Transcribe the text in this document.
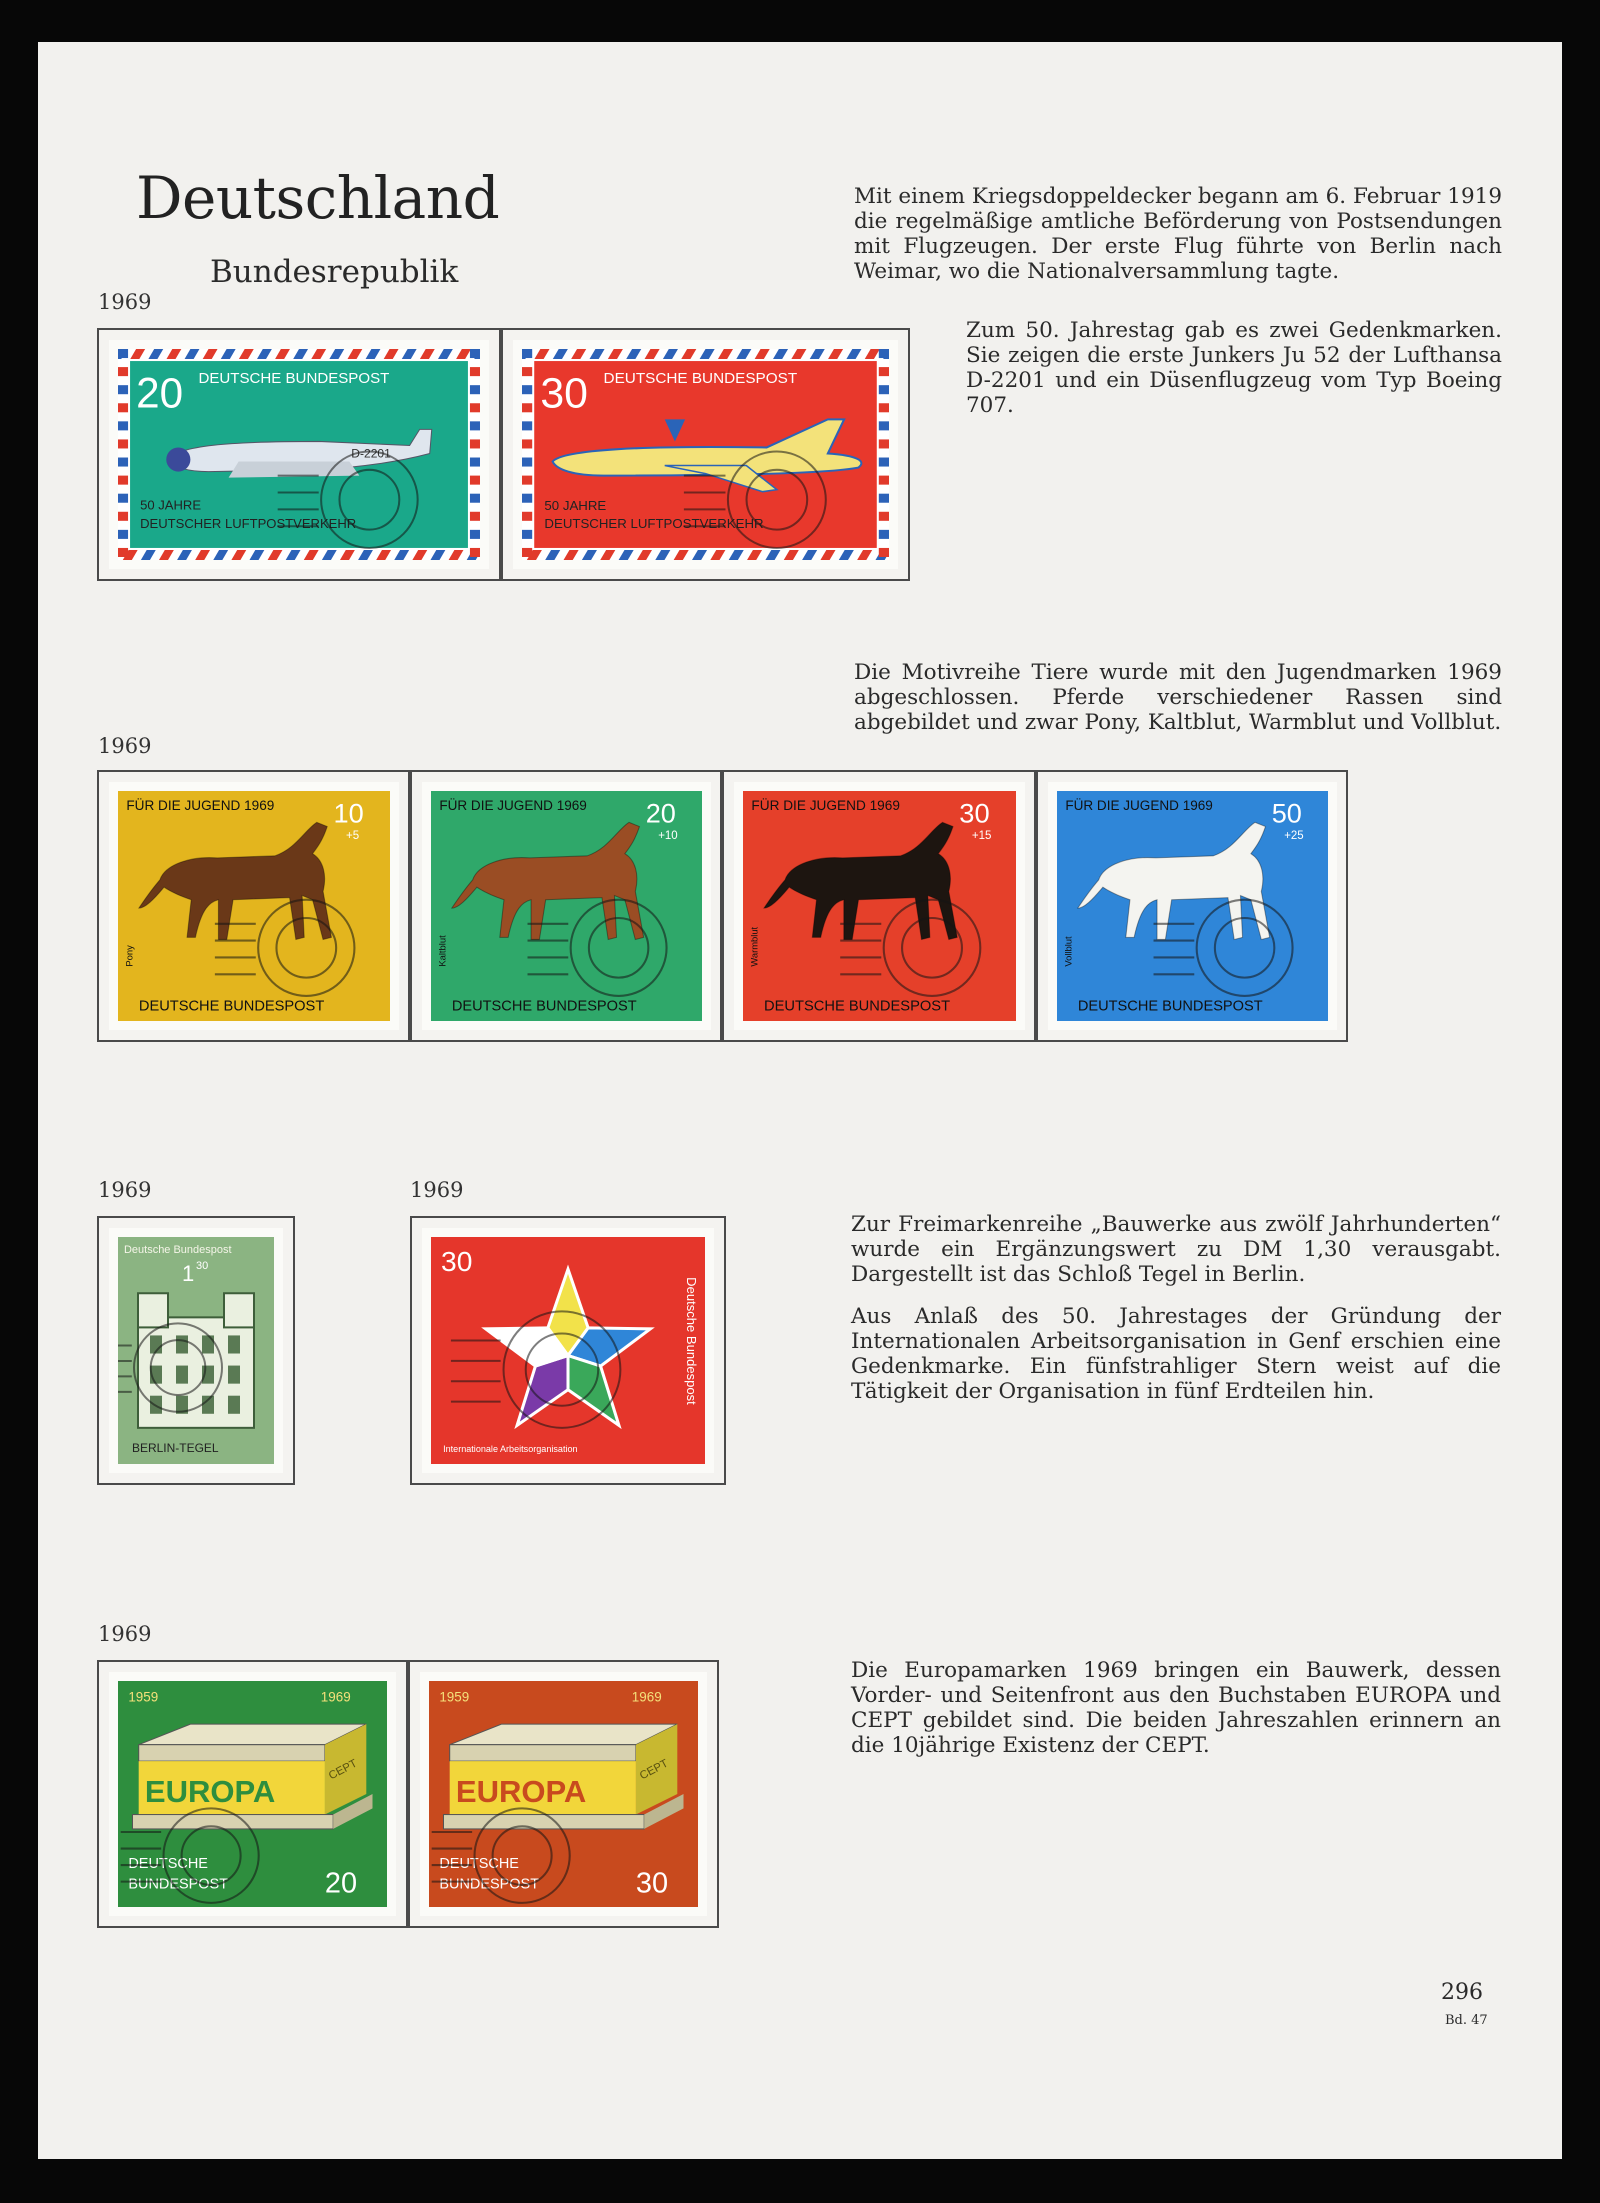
Deutschland
Bundesrepublik
1969

Mit einem Kriegsdoppeldecker begann am 6. Februar 1919 die regelmäßige amtliche Beförderung von Postsendungen mit Flugzeugen. Der erste Flug führte von Berlin nach Weimar, wo die Nationalversammlung tagte.

Zum 50. Jahrestag gab es zwei Gedenkmarken. Sie zeigen die erste Junkers Ju 52 der Lufthansa D-2201 und ein Düsenflugzeug vom Typ Boeing 707.

20 DEUTSCHE BUNDESPOST
D-2201
50 JAHRE
DEUTSCHER LUFTPOSTVERKEHR
30 DEUTSCHE BUNDESPOST
50 JAHRE
DEUTSCHER LUFTPOSTVERKEHR
1969

Die Motivreihe Tiere wurde mit den Jugendmarken 1969 abgeschlossen. Pferde verschiedener Rassen sind abgebildet und zwar Pony, Kaltblut, Warmblut und Vollblut.

FÜR DIE JUGEND 1969 10
+5
Pony
DEUTSCHE BUNDESPOST
FÜR DIE JUGEND 1969 20
+10
Kaltblut
DEUTSCHE BUNDESPOST
FÜR DIE JUGEND 1969 30
+15
Warmblut
DEUTSCHE BUNDESPOST
FÜR DIE JUGEND 1969 50
+25
Vollblut
DEUTSCHE BUNDESPOST
1969	1969

Zur Freimarkenreihe „Bauwerke aus zwölf Jahrhunderten“ wurde ein Ergänzungswert zu DM 1,30 verausgabt. Dargestellt ist das Schloß Tegel in Berlin.

Aus Anlaß des 50. Jahrestages der Gründung der Internationalen Arbeitsorganisation in Genf erschien eine Gedenkmarke. Ein fünfstrahliger Stern weist auf die Tätigkeit der Organisation in fünf Erdteilen hin.

Deutsche Bundespost
1 30
BERLIN-TEGEL
30
Deutsche Bundespost
Internationale Arbeitsorganisation
1969

Die Europamarken 1969 bringen ein Bauwerk, dessen Vorder- und Seitenfront aus den Buchstaben EUROPA und CEPT gebildet sind. Die beiden Jahreszahlen erinnern an die 10jährige Existenz der CEPT.

1959	1969
EUROPA
CEPT
DEUTSCHE
BUNDESPOST	20
1959	1969
EUROPA
CEPT
DEUTSCHE
BUNDESPOST	30
296
Bd. 47
